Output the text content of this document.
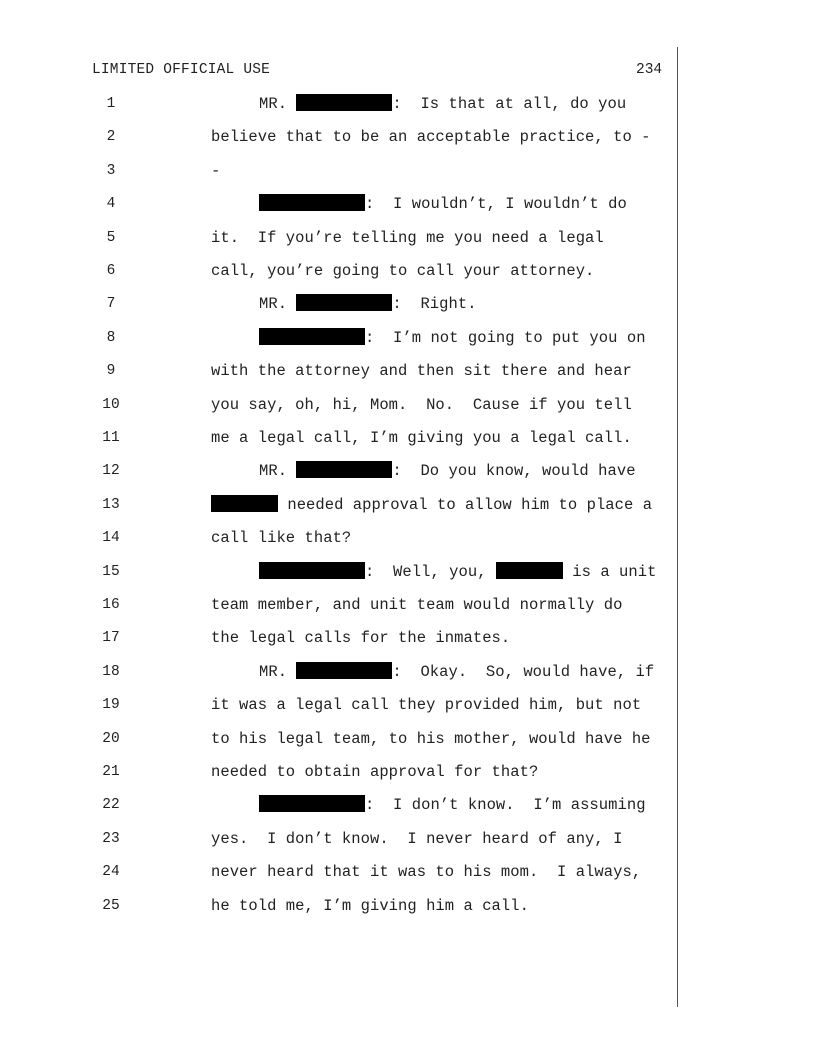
LIMITED OFFICIAL USE	234
1	MR.	:  Is that at all, do you
2	believe that to be an acceptable practice, to -
3	-
4	:  I wouldn’t, I wouldn’t do
5	it.  If you’re telling me you need a legal
6	call, you’re going to call your attorney.
7	MR.	:  Right.
8	:  I’m not going to put you on
9	with the attorney and then sit there and hear
10	you say, oh, hi, Mom.  No.  Cause if you tell
11	me a legal call, I’m giving you a legal call.
12	MR.	:  Do you know, would have
13	needed approval to allow him to place a
14	call like that?
15	:  Well, you,	is a unit
16	team member, and unit team would normally do
17	the legal calls for the inmates.
18	MR.	:  Okay.  So, would have, if
19	it was a legal call they provided him, but not
20	to his legal team, to his mother, would have he
21	needed to obtain approval for that?
22	:  I don’t know.  I’m assuming
23	yes.  I don’t know.  I never heard of any, I
24	never heard that it was to his mom.  I always,
25	he told me, I’m giving him a call.
